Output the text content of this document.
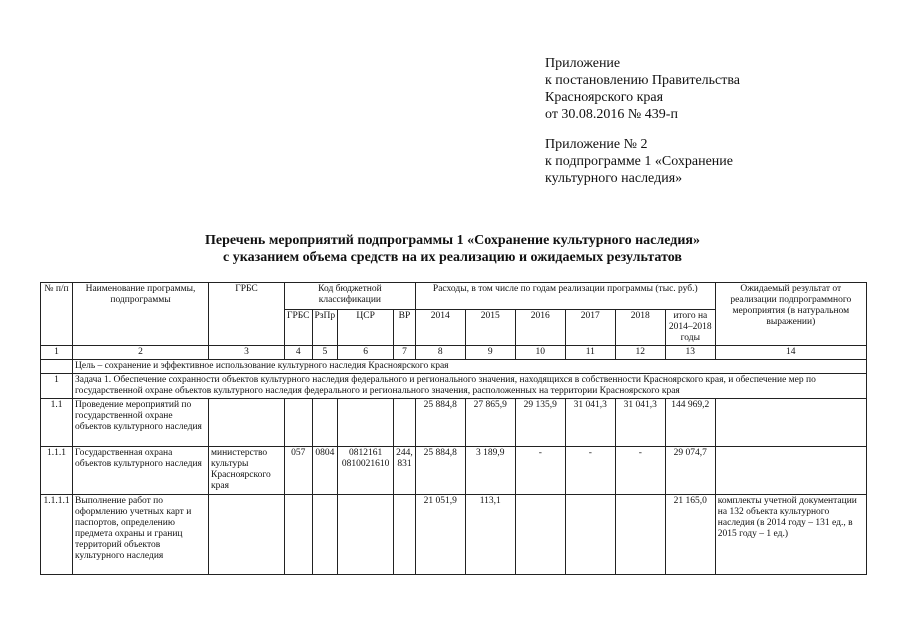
Приложение
к постановлению Правительства
Красноярского края
от 30.08.2016 № 439-п
Приложение № 2
к подпрограмме 1 «Сохранение
культурного наследия»
Перечень мероприятий подпрограммы 1 «Сохранение культурного наследия»
с указанием объема средств на их реализацию и ожидаемых результатов
№ п/п	Наименование программы, подпрограммы	ГРБС	Код бюджетной классификации				Расходы, в том числе по годам реализации программы (тыс. руб.)						Ожидаемый результат от реализации подпрограммного мероприятия (в натуральном выражении)
			ГРБС	РзПр	ЦСР	ВР	2014	2015	2016	2017	2018	итого на 2014–2018 годы	
1	2	3	4	5	6	7	8	9	10	11	12	13	14
	Цель – сохранение и эффективное использование культурного наследия Красноярского края												
1	Задача 1. Обеспечение сохранности объектов культурного наследия федерального и регионального значения, находящихся в собственности Красноярского края, и обеспечение мер по государственной охране объектов культурного наследия федерального и регионального значения, расположенных на территории Красноярского края												
1.1	Проведение мероприятий по государственной охране объектов культурного наследия						25 884,8	27 865,9	29 135,9	31 041,3	31 041,3	144 969,2	
1.1.1	Государственная охрана объектов культурного наследия	министерство культуры Красноярского края	057	0804	0812161 0810021610	244, 831	25 884,8	3 189,9	-	-	-	29 074,7	
1.1.1.1	Выполнение работ по оформлению учетных карт и паспортов, определению предмета охраны и границ территорий объектов культурного наследия						21 051,9	113,1				21 165,0	комплекты учетной документации на 132 объекта культурного наследия (в 2014 году – 131 ед., в 2015 году – 1 ед.)
